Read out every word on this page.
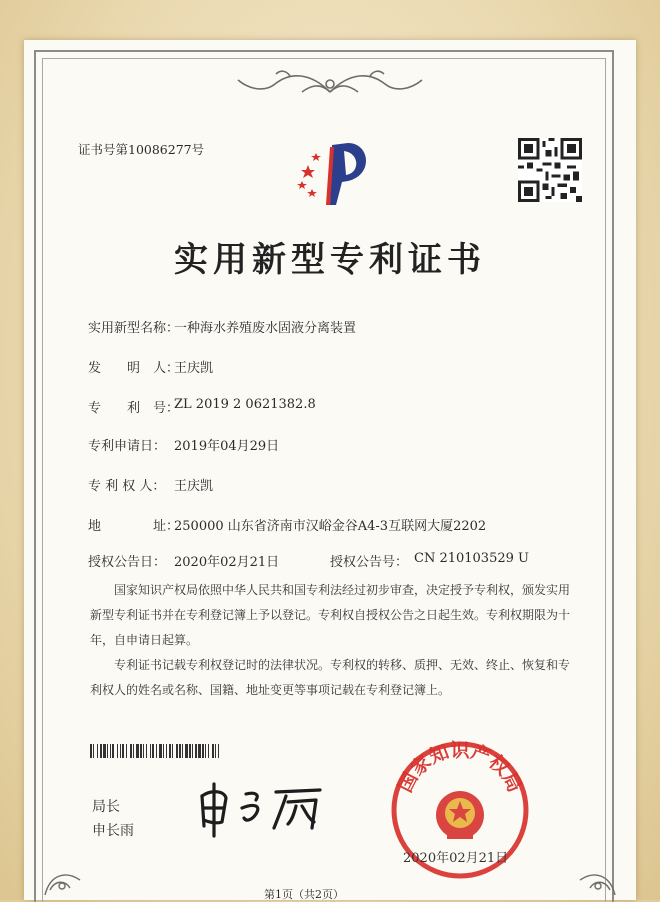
证书号第10086277号
实用新型专利证书
实用新型名称：
一种海水养殖废水固液分离装置
发　　明　人：
王庆凯
专　　利　号：
ZL 2019 2 0621382.8
专利申请日： 2019年04月29日
专 利 权 人： 王庆凯
地　　　　址：
250000 山东省济南市汉峪金谷A4-3互联网大厦2202
授权公告日： 2020年02月21日	授权公告号： CN 210103529 U

国家知识产权局依照中华人民共和国专利法经过初步审查，决定授予专利权，颁发实用新型专利证书并在专利登记簿上予以登记。专利权自授权公告之日起生效。专利权期限为十年，自申请日起算。

专利证书记载专利权登记时的法律状况。专利权的转移、质押、无效、终止、恢复和专利权人的姓名或名称、国籍、地址变更等事项记载在专利登记簿上。

局长
申长雨
国家知识产权局
2020年02月21日
第1页（共2页）
